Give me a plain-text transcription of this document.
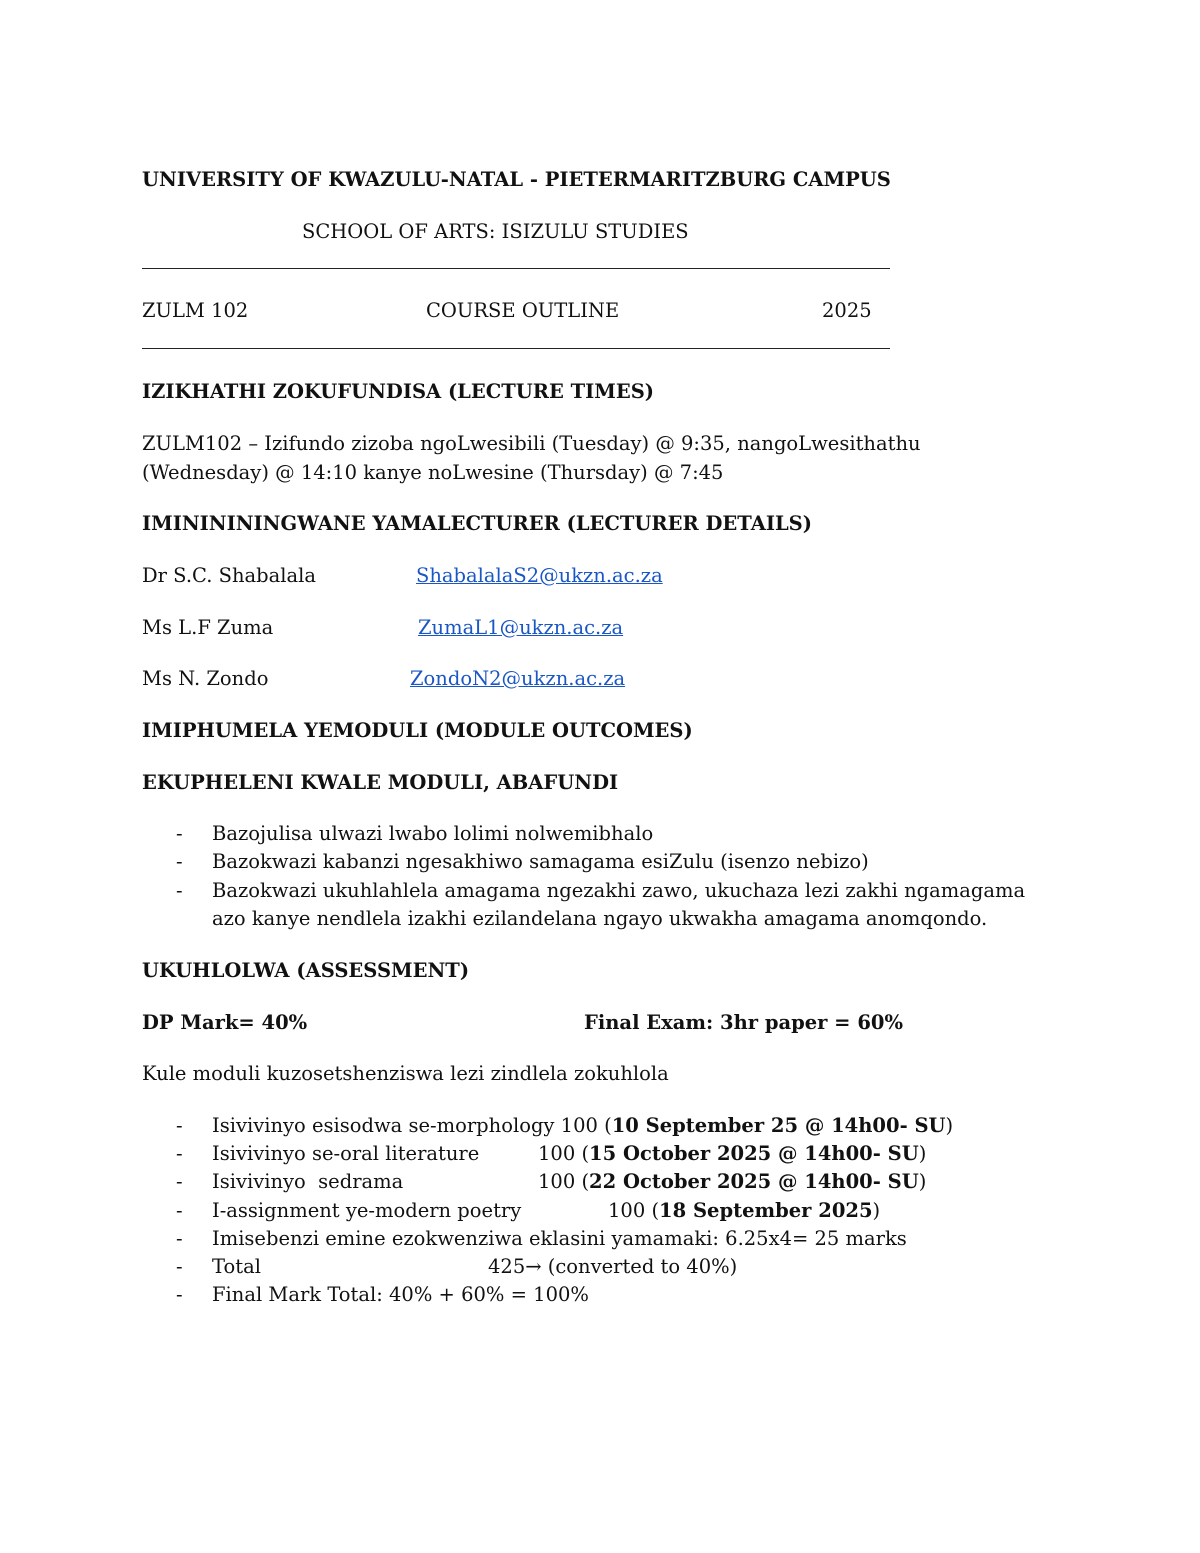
UNIVERSITY OF KWAZULU-NATAL - PIETERMARITZBURG CAMPUS
SCHOOL OF ARTS: ISIZULU STUDIES
ZULM 102	COURSE OUTLINE	2025
IZIKHATHI ZOKUFUNDISA (LECTURE TIMES)
ZULM102 – Izifundo zizoba ngoLwesibili (Tuesday) @ 9:35, nangoLwesithathu
(Wednesday) @ 14:10 kanye noLwesine (Thursday) @ 7:45
IMININININGWANE YAMALECTURER (LECTURER DETAILS)
Dr S.C. Shabalala	ShabalalaS2@ukzn.ac.za
Ms L.F Zuma	ZumaL1@ukzn.ac.za
Ms N. Zondo	ZondoN2@ukzn.ac.za
IMIPHUMELA YEMODULI (MODULE OUTCOMES)
EKUPHELENI KWALE MODULI, ABAFUNDI
-	Bazojulisa ulwazi lwabo lolimi nolwemibhalo
-	Bazokwazi kabanzi ngesakhiwo samagama esiZulu (isenzo nebizo)
-	Bazokwazi ukuhlahlela amagama ngezakhi zawo, ukuchaza lezi zakhi ngamagama
azo kanye nendlela izakhi ezilandelana ngayo ukwakha amagama anomqondo.
UKUHLOLWA (ASSESSMENT)
DP Mark= 40%	Final Exam: 3hr paper = 60%
Kule moduli kuzosetshenziswa lezi zindlela zokuhlola
-	Isivivinyo esisodwa se-morphology 100 (10 September 25 @ 14h00- SU)
-	Isivivinyo se-oral literature	100 (15 October 2025 @ 14h00- SU)
-	Isivivinyo  sedrama	100 (22 October 2025 @ 14h00- SU)
-	I-assignment ye-modern poetry	100 (18 September 2025)
-	Imisebenzi emine ezokwenziwa eklasini yamamaki: 6.25x4= 25 marks
-	Total	425→ (converted to 40%)
-	Final Mark Total: 40% + 60% = 100%
